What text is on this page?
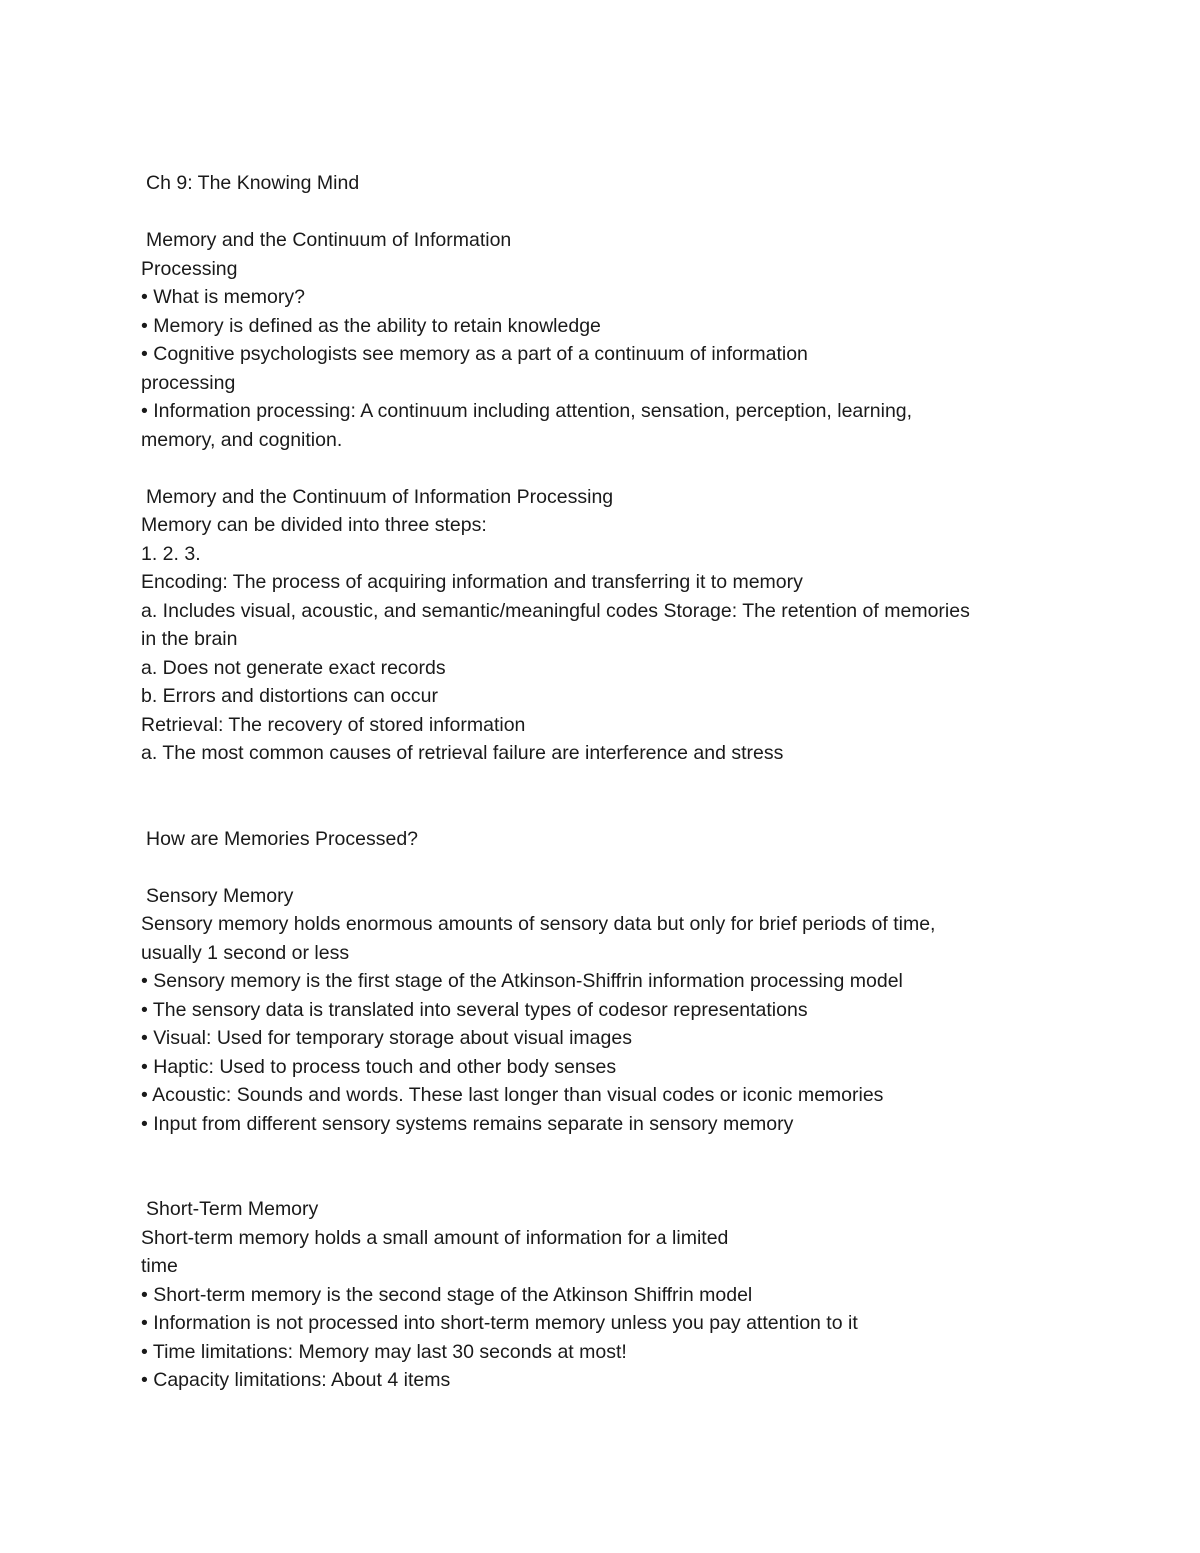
Ch 9: The Knowing Mind
Memory and the Continuum of Information
Processing
• What is memory?
• Memory is defined as the ability to retain knowledge
• Cognitive psychologists see memory as a part of a continuum of information
processing
• Information processing: A continuum including attention, sensation, perception, learning,
memory, and cognition.
Memory and the Continuum of Information Processing
Memory can be divided into three steps:
1. 2. 3.
Encoding: The process of acquiring information and transferring it to memory
a. Includes visual, acoustic, and semantic/meaningful codes Storage: The retention of memories
in the brain
a. Does not generate exact records
b. Errors and distortions can occur
Retrieval: The recovery of stored information
a. The most common causes of retrieval failure are interference and stress
How are Memories Processed?
Sensory Memory
Sensory memory holds enormous amounts of sensory data but only for brief periods of time,
usually 1 second or less
• Sensory memory is the first stage of the Atkinson-Shiffrin information processing model
• The sensory data is translated into several types of codesor representations
• Visual: Used for temporary storage about visual images
• Haptic: Used to process touch and other body senses
• Acoustic: Sounds and words. These last longer than visual codes or iconic memories
• Input from different sensory systems remains separate in sensory memory
Short-Term Memory
Short-term memory holds a small amount of information for a limited
time
• Short-term memory is the second stage of the Atkinson Shiffrin model
• Information is not processed into short-term memory unless you pay attention to it
• Time limitations: Memory may last 30 seconds at most!
• Capacity limitations: About 4 items
